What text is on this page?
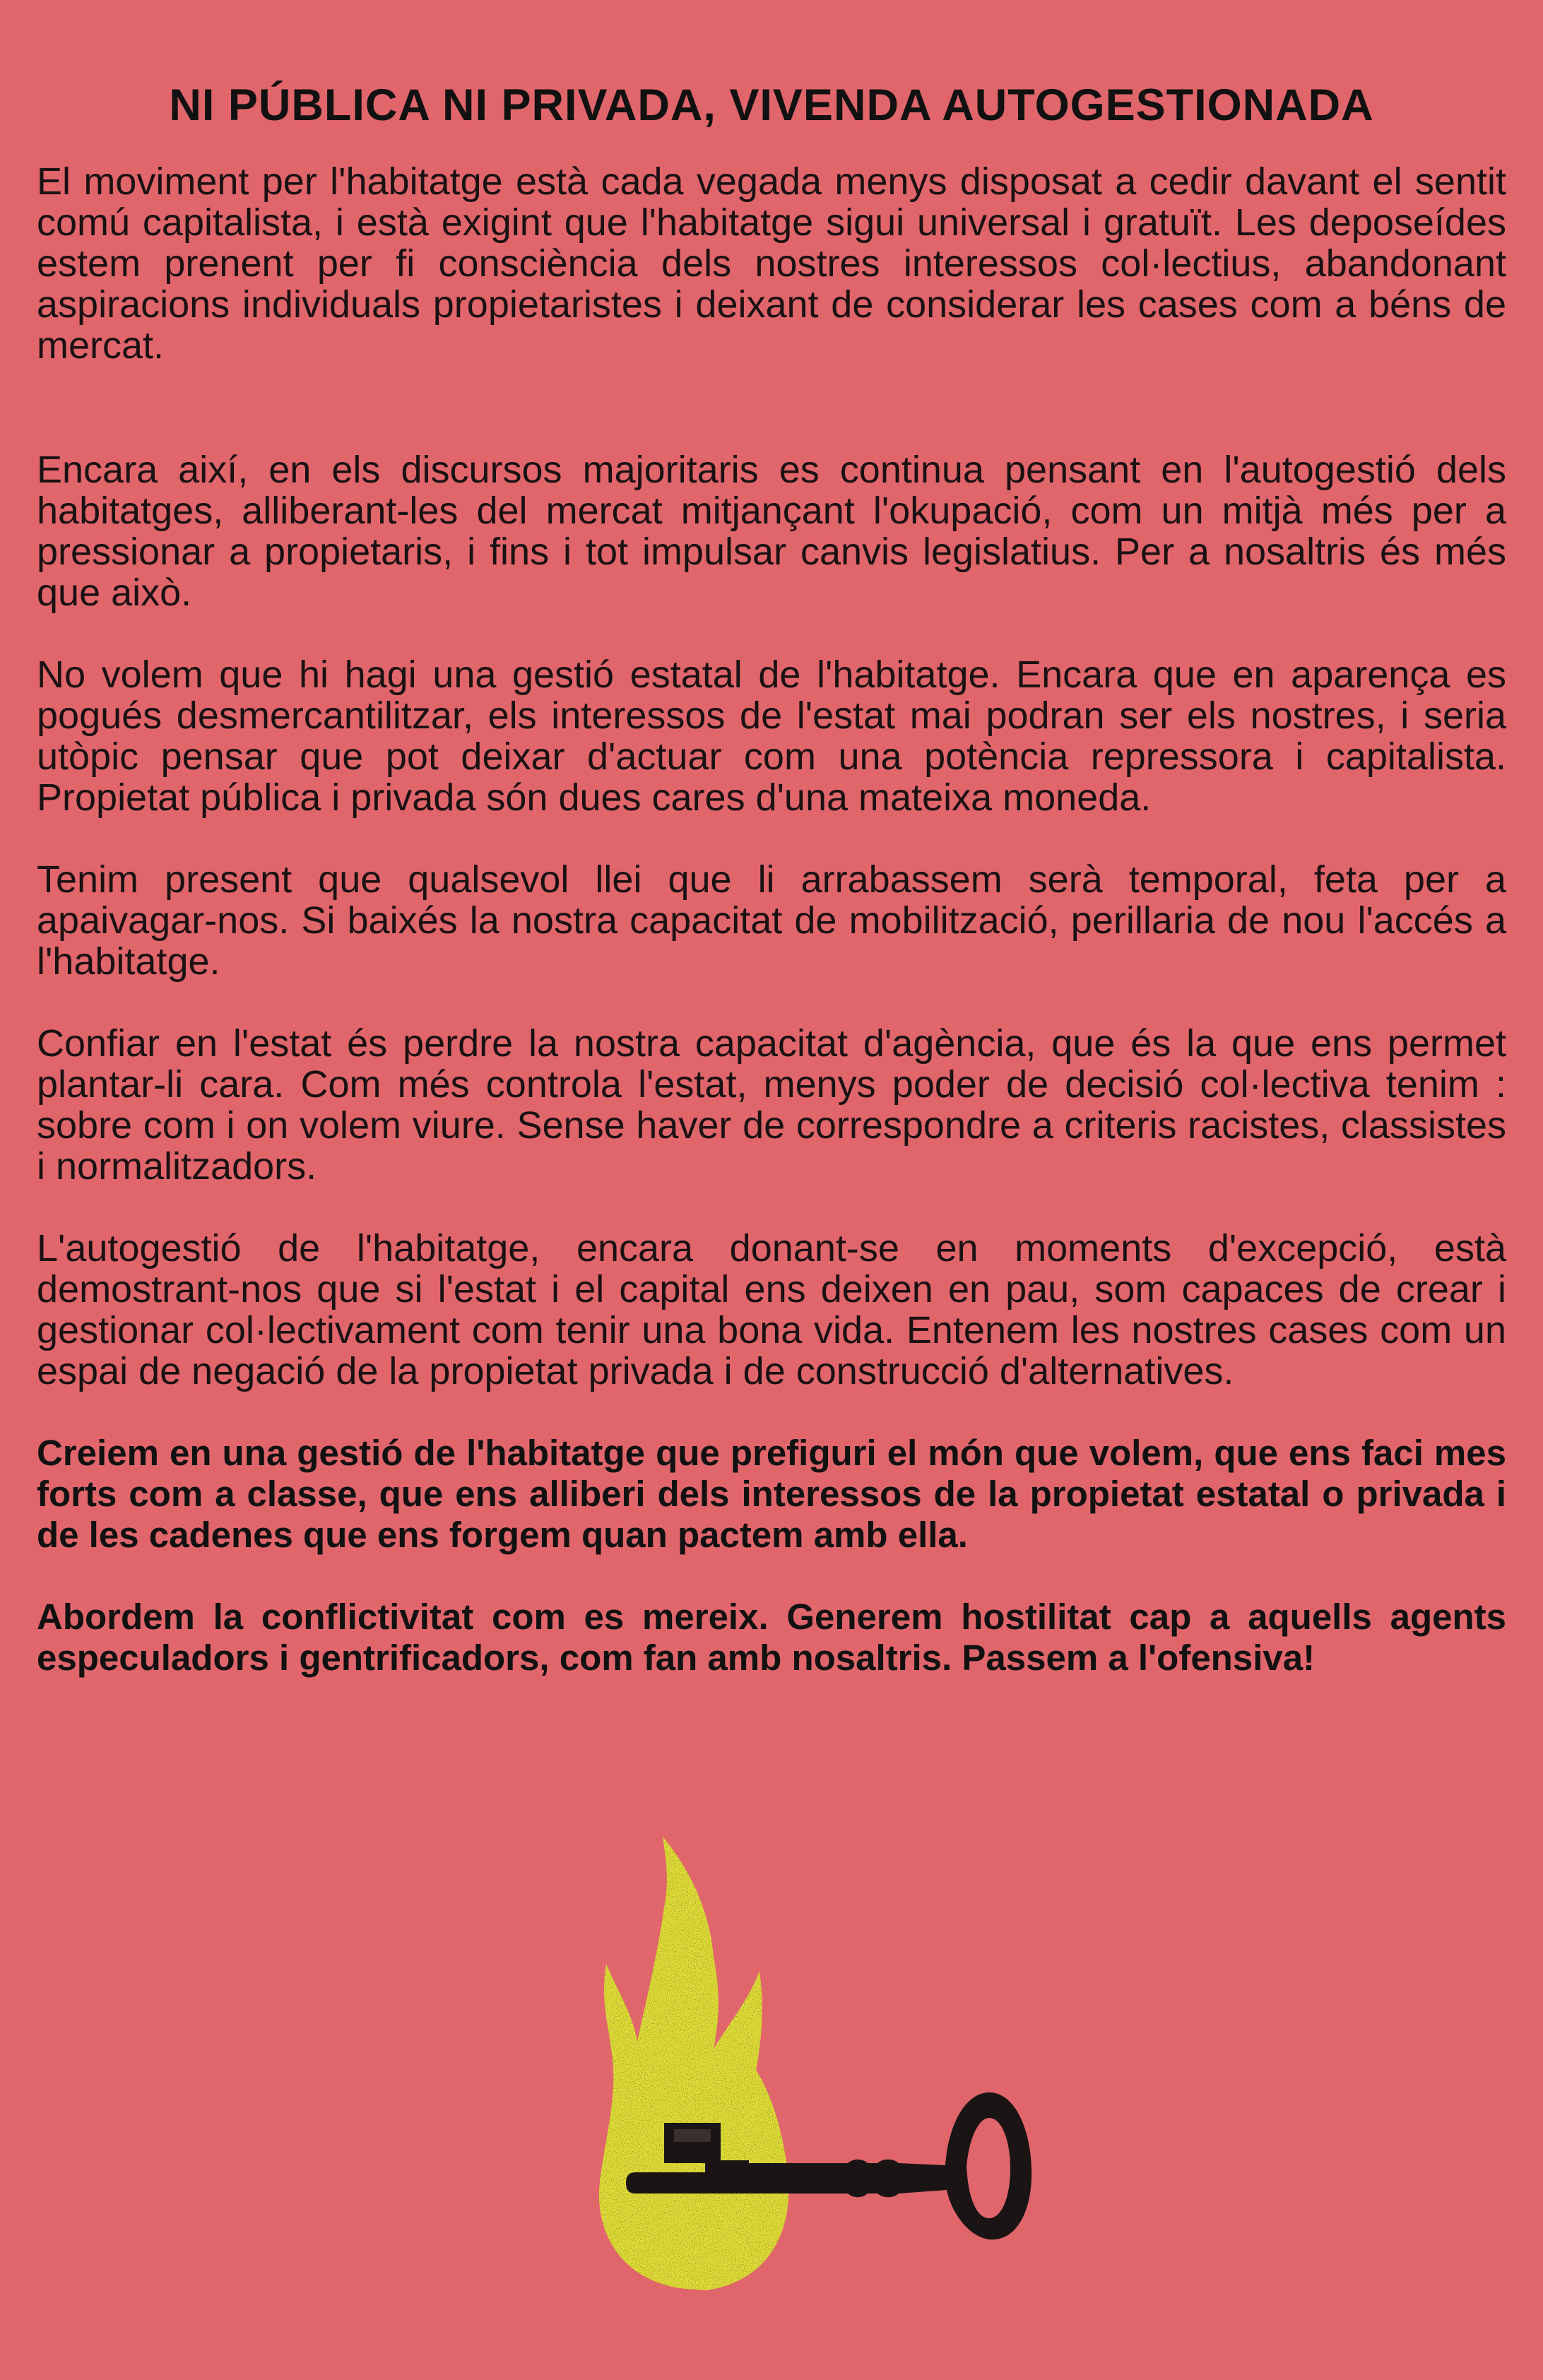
NI PÚBLICA NI PRIVADA, VIVENDA AUTOGESTIONADA

El moviment per l'habitatge està cada vegada menys disposat a cedir davant el sentit comú capitalista, i està exigint que l'habitatge sigui universal i gratuït. Les deposeídes estem prenent per fi consciència dels nostres interessos col·lectius, abandonant aspiracions individuals propietaristes i deixant de considerar les cases com a béns de mercat.

Encara així, en els discursos majoritaris es continua pensant en l'autogestió dels habitatges, alliberant-les del mercat mitjançant l'okupació, com un mitjà més per a pressionar a propietaris, i fins i tot impulsar canvis legislatius. Per a nosaltris és més que això.

No volem que hi hagi una gestió estatal de l'habitatge. Encara que en aparença es pogués desmercantilitzar, els interessos de l'estat mai podran ser els nostres, i seria utòpic pensar que pot deixar d'actuar com una potència repressora i capitalista. Propietat pública i privada són dues cares d'una mateixa moneda.

Tenim present que qualsevol llei que li arrabassem serà temporal, feta per a apaivagar-nos. Si baixés la nostra capacitat de mobilització, perillaria de nou l'accés a l'habitatge.

Confiar en l'estat és perdre la nostra capacitat d'agència, que és la que ens permet plantar-li cara. Com més controla l'estat, menys poder de decisió col·lectiva tenim : sobre com i on volem viure. Sense haver de correspondre a criteris racistes, classistes i normalitzadors.

L'autogestió de l'habitatge, encara donant-se en moments d'excepció, està demostrant-nos que si l'estat i el capital ens deixen en pau, som capaces de crear i gestionar col·lectivament com tenir una bona vida. Entenem les nostres cases com un espai de negació de la propietat privada i de construcció d'alternatives.

Creiem en una gestió de l'habitatge que prefiguri el món que volem, que ens faci mes forts com a classe, que ens alliberi dels interessos de la propietat estatal o privada i de les cadenes que ens forgem quan pactem amb ella.

Abordem la conflictivitat com es mereix. Generem hostilitat cap a aquells agents especuladors i gentrificadors, com fan amb nosaltris. Passem a l'ofensiva!
